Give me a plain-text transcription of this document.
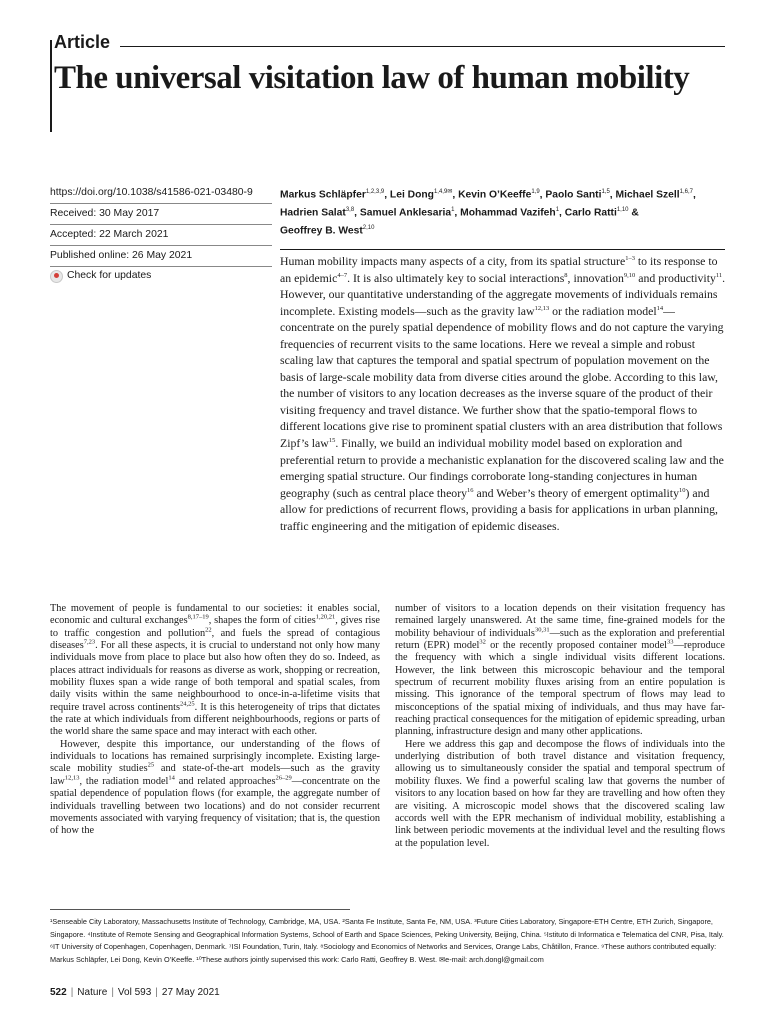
Article
The universal visitation law of human mobility
https://doi.org/10.1038/s41586-021-03480-9
Received: 30 May 2017
Accepted: 22 March 2021
Published online: 26 May 2021
Check for updates
Markus Schläpfer$^{1,2,3,9}$, Lei Dong$^{1,4,9✉}$, Kevin O’Keeffe$^{1,9}$, Paolo Santi$^{1,5}$, Michael Szell$^{1,6,7}$,
Hadrien Salat$^{3,8}$, Samuel Anklesaria$^1$, Mohammad Vazifeh$^1$, Carlo Ratti$^{1,10}$ &
Geoffrey B. West$^{2,10}$
Human mobility impacts many aspects of a city, from its spatial structure$^{1-3}$ to its response to an epidemic$^{4-7}$. It is also ultimately key to social interactions$^8$, innovation$^{9,10}$ and productivity$^{11}$. However, our quantitative understanding of the aggregate movements of individuals remains incomplete. Existing models—such as the gravity law$^{12,13}$ or the radiation model$^{14}$—concentrate on the purely spatial dependence of mobility flows and do not capture the varying frequencies of recurrent visits to the same locations. Here we reveal a simple and robust scaling law that captures the temporal and spatial spectrum of population movement on the basis of large-scale mobility data from diverse cities around the globe. According to this law, the number of visitors to any location decreases as the inverse square of the product of their visiting frequency and travel distance. We further show that the spatio-temporal flows to different locations give rise to prominent spatial clusters with an area distribution that follows Zipf’s law$^{15}$. Finally, we build an individual mobility model based on exploration and preferential return to provide a mechanistic explanation for the discovered scaling law and the emerging spatial structure. Our findings corroborate long-standing conjectures in human geography (such as central place theory$^{16}$ and Weber’s theory of emergent optimality$^{10}$) and allow for predictions of recurrent flows, providing a basis for applications in urban planning, traffic engineering and the mitigation of epidemic diseases.

The movement of people is fundamental to our societies: it enables social, economic and cultural exchanges$^{8,17-19}$, shapes the form of cities$^{1,20,21}$, gives rise to traffic congestion and pollution$^{22}$, and fuels the spread of contagious diseases$^{7,23}$. For all these aspects, it is crucial to understand not only how many individuals move from place to place but also how often they do so. Indeed, as places attract individuals for reasons as diverse as work, shopping or recreation, mobility fluxes span a wide range of both temporal and spatial scales, from daily visits within the same neighbourhood to once-in-a-lifetime visits that require travel across continents$^{24,25}$. It is this heterogeneity of trips that dictates the rate at which individuals from different neighbourhoods, regions or parts of the world share the same space and may interact with each other.

However, despite this importance, our understanding of the flows of individuals to locations has remained surprisingly incomplete. Existing large-scale mobility studies$^{25}$ and state-of-the-art models—such as the gravity law$^{12,13}$, the radiation model$^{14}$ and related approaches$^{26-29}$—concentrate on the spatial dependence of population flows (for example, the aggregate number of individuals travelling between two locations) and do not consider recurrent movements associated with varying frequency of visitation; that is, the question of how the

number of visitors to a location depends on their visitation frequency has remained largely unanswered. At the same time, fine-grained models for the mobility behaviour of individuals$^{30,31}$—such as the exploration and preferential return (EPR) model$^{32}$ or the recently proposed container model$^{33}$—reproduce the frequency with which a single individual visits different locations. However, the link between this microscopic behaviour and the temporal spectrum of recurrent mobility fluxes arising from an entire population is missing. This ignorance of the temporal spectrum of flows may lead to misconceptions of the spatial mixing of individuals, and thus may have far-reaching practical consequences for the mitigation of epidemic spreading, urban planning, infrastructure design and many other applications.

Here we address this gap and decompose the flows of individuals into the underlying distribution of both travel distance and visitation frequency, allowing us to simultaneously consider the spatial and temporal spectrum of mobility fluxes. We find a powerful scaling law that governs the number of visitors to any location based on how far they are travelling and how often they are visiting. A microscopic model shows that the discovered scaling law accords well with the EPR mechanism of individual mobility, establishing a link between periodic movements at the individual level and the resulting flows at the population level.

¹Senseable City Laboratory, Massachusetts Institute of Technology, Cambridge, MA, USA. ²Santa Fe Institute, Santa Fe, NM, USA. ³Future Cities Laboratory, Singapore-ETH Centre, ETH Zurich, Singapore, Singapore. ⁴Institute of Remote Sensing and Geographical Information Systems, School of Earth and Space Sciences, Peking University, Beijing, China. ⁵Istituto di Informatica e Telematica del CNR, Pisa, Italy. ⁶IT University of Copenhagen, Copenhagen, Denmark. ⁷ISI Foundation, Turin, Italy. ⁸Sociology and Economics of Networks and Services, Orange Labs, Châtillon, France. ⁹These authors contributed equally: Markus Schläpfer, Lei Dong, Kevin O’Keeffe. ¹⁰These authors jointly supervised this work: Carlo Ratti, Geoffrey B. West. ✉e-mail: arch.dongl@gmail.com
522 | Nature | Vol 593 | 27 May 2021
